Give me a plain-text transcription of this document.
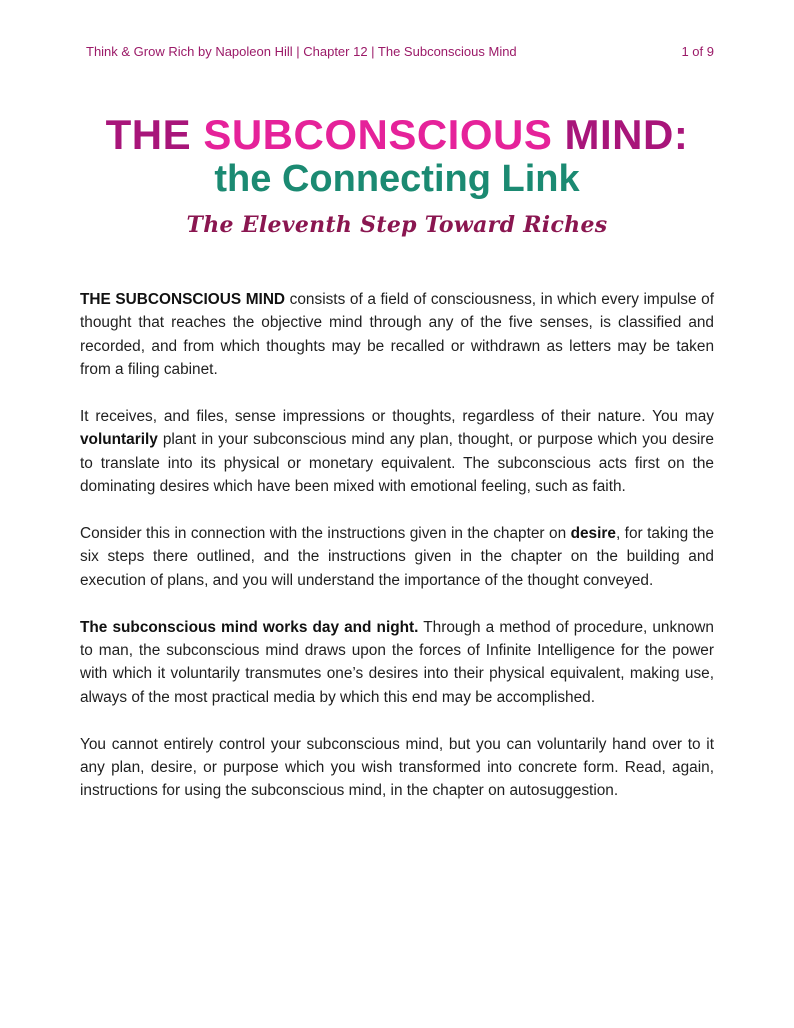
Think & Grow Rich by Napoleon Hill | Chapter 12 | The Subconscious Mind	1 of 9
THE SUBCONSCIOUS MIND:
the Connecting Link
The Eleventh Step Toward Riches

THE SUBCONSCIOUS MIND consists of a field of consciousness, in which every impulse of thought that reaches the objective mind through any of the five senses, is classified and recorded, and from which thoughts may be recalled or withdrawn as letters may be taken from a filing cabinet.

It receives, and files, sense impressions or thoughts, regardless of their nature. You may voluntarily plant in your subconscious mind any plan, thought, or purpose which you desire to translate into its physical or monetary equivalent. The subconscious acts first on the dominating desires which have been mixed with emotional feeling, such as faith.

Consider this in connection with the instructions given in the chapter on desire, for taking the six steps there outlined, and the instructions given in the chapter on the building and execution of plans, and you will understand the importance of the thought conveyed.

The subconscious mind works day and night. Through a method of procedure, unknown to man, the subconscious mind draws upon the forces of Infinite Intelligence for the power with which it voluntarily transmutes one’s desires into their physical equivalent, making use, always of the most practical media by which this end may be accomplished.

You cannot entirely control your subconscious mind, but you can voluntarily hand over to it any plan, desire, or purpose which you wish transformed into concrete form. Read, again, instructions for using the subconscious mind, in the chapter on autosuggestion.
